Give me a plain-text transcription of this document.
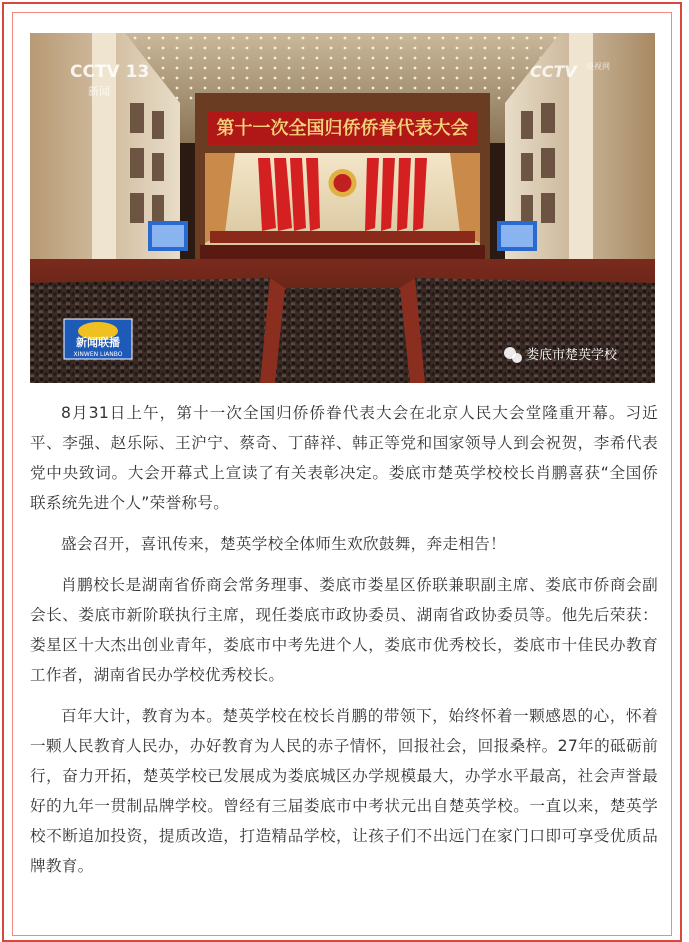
第十一次全国归侨侨眷代表大会
CCTV 13
新闻
CCTV 央视网
新闻联播
XINWEN LIANBO	娄底市楚英学校

8月31日上午，第十一次全国归侨侨眷代表大会在北京人民大会堂隆重开幕。习近平、李强、赵乐际、王沪宁、蔡奇、丁薛祥、韩正等党和国家领导人到会祝贺，李希代表党中央致词。大会开幕式上宣读了有关表彰决定。娄底市楚英学校校长肖鹏喜获“全国侨联系统先进个人”荣誉称号。

盛会召开，喜讯传来，楚英学校全体师生欢欣鼓舞，奔走相告！

肖鹏校长是湖南省侨商会常务理事、娄底市娄星区侨联兼职副主席、娄底市侨商会副会长、娄底市新阶联执行主席，现任娄底市政协委员、湖南省政协委员等。他先后荣获：娄星区十大杰出创业青年，娄底市中考先进个人，娄底市优秀校长，娄底市十佳民办教育工作者，湖南省民办学校优秀校长。

百年大计，教育为本。楚英学校在校长肖鹏的带领下，始终怀着一颗感恩的心，怀着一颗人民教育人民办，办好教育为人民的赤子情怀，回报社会，回报桑梓。27年的砥砺前行，奋力开拓，楚英学校已发展成为娄底城区办学规模最大，办学水平最高，社会声誉最好的九年一贯制品牌学校。曾经有三届娄底市中考状元出自楚英学校。一直以来，楚英学校不断追加投资，提质改造，打造精品学校，让孩子们不出远门在家门口即可享受优质品牌教育。
